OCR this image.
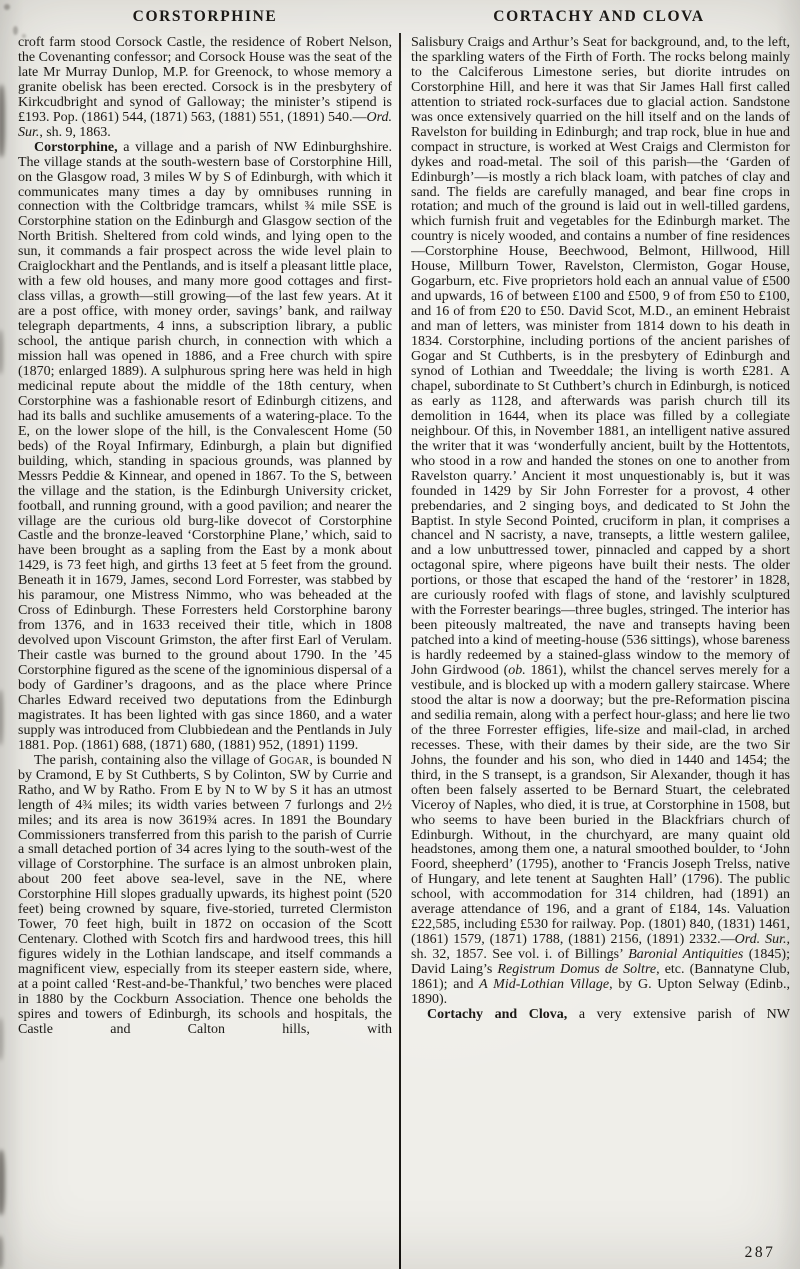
CORSTORPHINE	CORTACHY AND CLOVA

croft farm stood Corsock Castle, the residence of Robert Nelson, the Covenanting confessor; and Corsock House was the seat of the late Mr Murray Dunlop, M.P. for Greenock, to whose memory a granite obelisk has been erected. Corsock is in the presbytery of Kirkcudbright and synod of Galloway; the minister’s stipend is £193. Pop. (1861) 544, (1871) 563, (1881) 551, (1891) 540.—Ord. Sur., sh. 9, 1863.

Corstorphine, a village and a parish of NW Edinburghshire. The village stands at the south-western base of Corstorphine Hill, on the Glasgow road, 3 miles W by S of Edinburgh, with which it communicates many times a day by omnibuses running in connection with the Coltbridge tramcars, whilst ¾ mile SSE is Corstorphine station on the Edinburgh and Glasgow section of the North British. Sheltered from cold winds, and lying open to the sun, it commands a fair prospect across the wide level plain to Craiglockhart and the Pentlands, and is itself a pleasant little place, with a few old houses, and many more good cottages and first-class villas, a growth—still growing—of the last few years. At it are a post office, with money order, savings’ bank, and railway telegraph departments, 4 inns, a subscription library, a public school, the antique parish church, in connection with which a mission hall was opened in 1886, and a Free church with spire (1870; enlarged 1889). A sulphurous spring here was held in high medicinal repute about the middle of the 18th century, when Corstorphine was a fashionable resort of Edinburgh citizens, and had its balls and suchlike amusements of a watering-place. To the E, on the lower slope of the hill, is the Convalescent Home (50 beds) of the Royal Infirmary, Edinburgh, a plain but dignified building, which, standing in spacious grounds, was planned by Messrs Peddie & Kinnear, and opened in 1867. To the S, between the village and the station, is the Edinburgh University cricket, football, and running ground, with a good pavilion; and nearer the village are the curious old burg-like dovecot of Corstorphine Castle and the bronze-leaved ‘Corstorphine Plane,’ which, said to have been brought as a sapling from the East by a monk about 1429, is 73 feet high, and girths 13 feet at 5 feet from the ground. Beneath it in 1679, James, second Lord Forrester, was stabbed by his paramour, one Mistress Nimmo, who was beheaded at the Cross of Edinburgh. These Forresters held Corstorphine barony from 1376, and in 1633 received their title, which in 1808 devolved upon Viscount Grimston, the after first Earl of Verulam. Their castle was burned to the ground about 1790. In the ’45 Corstorphine figured as the scene of the ignominious dispersal of a body of Gardiner’s dragoons, and as the place where Prince Charles Edward received two deputations from the Edinburgh magistrates. It has been lighted with gas since 1860, and a water supply was introduced from Clubbiedean and the Pentlands in July 1881. Pop. (1861) 688, (1871) 680, (1881) 952, (1891) 1199.

The parish, containing also the village of Gogar, is bounded N by Cramond, E by St Cuthberts, S by Colinton, SW by Currie and Ratho, and W by Ratho. From E by N to W by S it has an utmost length of 4¾ miles; its width varies between 7 furlongs and 2½ miles; and its area is now 3619¾ acres. In 1891 the Boundary Commissioners transferred from this parish to the parish of Currie a small detached portion of 34 acres lying to the south-west of the village of Corstorphine. The surface is an almost unbroken plain, about 200 feet above sea-level, save in the NE, where Corstorphine Hill slopes gradually upwards, its highest point (520 feet) being crowned by square, five-storied, turreted Clermiston Tower, 70 feet high, built in 1872 on occasion of the Scott Centenary. Clothed with Scotch firs and hardwood trees, this hill figures widely in the Lothian landscape, and itself commands a magnificent view, especially from its steeper eastern side, where, at a point called ‘Rest-and-be-Thankful,’ two benches were placed in 1880 by the Cockburn Association. Thence one beholds the spires and towers of Edinburgh, its schools and hospitals, the Castle and Calton hills, with

Salisbury Craigs and Arthur’s Seat for background, and, to the left, the sparkling waters of the Firth of Forth. The rocks belong mainly to the Calciferous Limestone series, but diorite intrudes on Corstorphine Hill, and here it was that Sir James Hall first called attention to striated rock-surfaces due to glacial action. Sandstone was once extensively quarried on the hill itself and on the lands of Ravelston for building in Edinburgh; and trap rock, blue in hue and compact in structure, is worked at West Craigs and Clermiston for dykes and road-metal. The soil of this parish—the ‘Garden of Edinburgh’—is mostly a rich black loam, with patches of clay and sand. The fields are carefully managed, and bear fine crops in rotation; and much of the ground is laid out in well-tilled gardens, which furnish fruit and vegetables for the Edinburgh market. The country is nicely wooded, and contains a number of fine residences—Corstorphine House, Beechwood, Belmont, Hillwood, Hill House, Millburn Tower, Ravelston, Clermiston, Gogar House, Gogarburn, etc. Five proprietors hold each an annual value of £500 and upwards, 16 of between £100 and £500, 9 of from £50 to £100, and 16 of from £20 to £50. David Scot, M.D., an eminent Hebraist and man of letters, was minister from 1814 down to his death in 1834. Corstorphine, including portions of the ancient parishes of Gogar and St Cuthberts, is in the presbytery of Edinburgh and synod of Lothian and Tweeddale; the living is worth £281. A chapel, subordinate to St Cuthbert’s church in Edinburgh, is noticed as early as 1128, and afterwards was parish church till its demolition in 1644, when its place was filled by a collegiate neighbour. Of this, in November 1881, an intelligent native assured the writer that it was ‘wonderfully ancient, built by the Hottentots, who stood in a row and handed the stones on one to another from Ravelston quarry.’ Ancient it most unquestionably is, but it was founded in 1429 by Sir John Forrester for a provost, 4 other prebendaries, and 2 singing boys, and dedicated to St John the Baptist. In style Second Pointed, cruciform in plan, it comprises a chancel and N sacristy, a nave, transepts, a little western galilee, and a low unbuttressed tower, pinnacled and capped by a short octagonal spire, where pigeons have built their nests. The older portions, or those that escaped the hand of the ‘restorer’ in 1828, are curiously roofed with flags of stone, and lavishly sculptured with the Forrester bearings—three bugles, stringed. The interior has been piteously maltreated, the nave and transepts having been patched into a kind of meeting-house (536 sittings), whose bareness is hardly redeemed by a stained-glass window to the memory of John Girdwood (ob. 1861), whilst the chancel serves merely for a vestibule, and is blocked up with a modern gallery staircase. Where stood the altar is now a doorway; but the pre-Reformation piscina and sedilia remain, along with a perfect hour-glass; and here lie two of the three Forrester effigies, life-size and mail-clad, in arched recesses. These, with their dames by their side, are the two Sir Johns, the founder and his son, who died in 1440 and 1454; the third, in the S transept, is a grandson, Sir Alexander, though it has often been falsely asserted to be Bernard Stuart, the celebrated Viceroy of Naples, who died, it is true, at Corstorphine in 1508, but who seems to have been buried in the Blackfriars church of Edinburgh. Without, in the churchyard, are many quaint old headstones, among them one, a natural smoothed boulder, to ‘John Foord, sheepherd’ (1795), another to ‘Francis Joseph Trelss, native of Hungary, and lete tenent at Saughten Hall’ (1796). The public school, with accommodation for 314 children, had (1891) an average attendance of 196, and a grant of £184, 14s. Valuation £22,585, including £530 for railway. Pop. (1801) 840, (1831) 1461, (1861) 1579, (1871) 1788, (1881) 2156, (1891) 2332.—Ord. Sur., sh. 32, 1857. See vol. i. of Billings’ Baronial Antiquities (1845); David Laing’s Registrum Domus de Soltre, etc. (Bannatyne Club, 1861); and A Mid-Lothian Village, by G. Upton Selway (Edinb., 1890).

Cortachy and Clova, a very extensive parish of NW

287
